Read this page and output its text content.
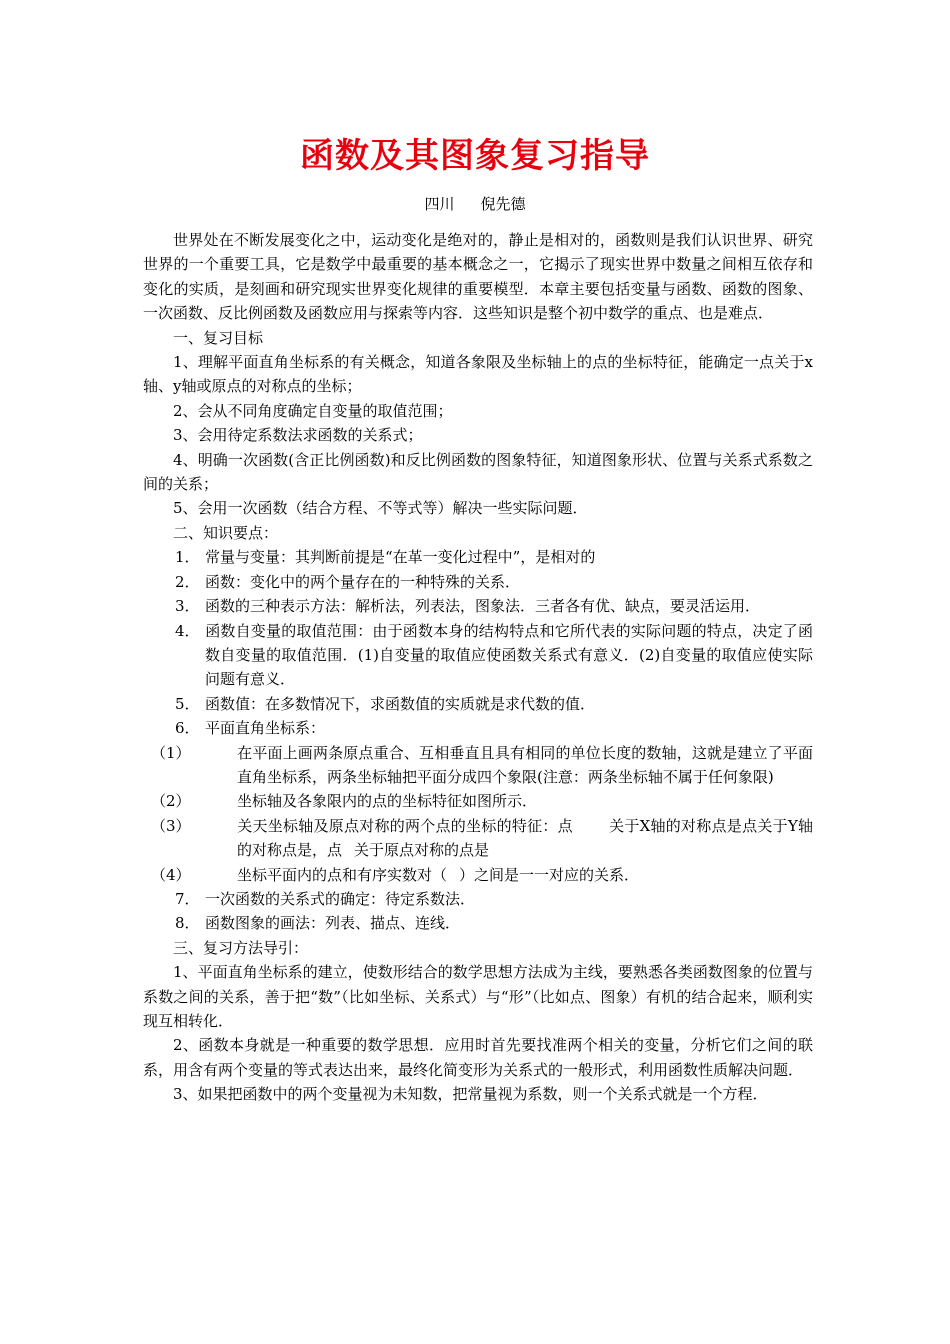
函数及其图象复习指导
四川 倪先德

世界处在不断发展变化之中，运动变化是绝对的，静止是相对的，函数则是我们认识世界、研究世界的一个重要工具，它是数学中最重要的基本概念之一，它揭示了现实世界中数量之间相互依存和变化的实质，是刻画和研究现实世界变化规律的重要模型．本章主要包括变量与函数、函数的图象、一次函数、反比例函数及函数应用与探索等内容．这些知识是整个初中数学的重点、也是难点．

一、复习目标

1、理解平面直角坐标系的有关概念，知道各象限及坐标轴上的点的坐标特征，能确定一点关于x轴、y轴或原点的对称点的坐标；

2、会从不同角度确定自变量的取值范围；

3、会用待定系数法求函数的关系式；

4、明确一次函数(含正比例函数)和反比例函数的图象特征，知道图象形状、位置与关系式系数之间的关系；

5、会用一次函数（结合方程、不等式等）解决一些实际问题．

二、知识要点：

1． 常量与变量：其判断前提是“在革一变化过程中”，是相对的

2． 函数：变化中的两个量存在的一种特殊的关系．

3． 函数的三种表示方法：解析法，列表法，图象法．三者各有优、缺点，要灵活运用．

4． 函数自变量的取值范围：由于函数本身的结构特点和它所代表的实际问题的特点，决定了函数自变量的取值范围．(1)自变量的取值应使函数关系式有意义．(2)自变量的取值应使实际问题有意义．

5． 函数值：在多数情况下，求函数值的实质就是求代数的值．

6． 平面直角坐标系：

（1）	在平面上画两条原点重合、互相垂直且具有相同的单位长度的数轴，这就是建立了平面直角坐标系，两条坐标轴把平面分成四个象限(注意：两条坐标轴不属于任何象限)

（2）	坐标轴及各象限内的点的坐标特征如图所示．

（3）	关天坐标轴及原点对称的两个点的坐标的特征：点 关于X轴的对称点是点关于Y轴的对称点是，点 关于原点对称的点是

（4）	坐标平面内的点和有序实数对（ ）之间是一一对应的关系．

7． 一次函数的关系式的确定：待定系数法．

8． 函数图象的画法：列表、描点、连线．

三、复习方法导引：

1、平面直角坐标系的建立，使数形结合的数学思想方法成为主线，要熟悉各类函数图象的位置与系数之间的关系，善于把“数”（比如坐标、关系式）与“形”（比如点、图象）有机的结合起来，顺利实现互相转化．

2、函数本身就是一种重要的数学思想．应用时首先要找准两个相关的变量，分析它们之间的联系，用含有两个变量的等式表达出来，最终化简变形为关系式的一般形式，利用函数性质解决问题．

3、如果把函数中的两个变量视为未知数，把常量视为系数，则一个关系式就是一个方程．
